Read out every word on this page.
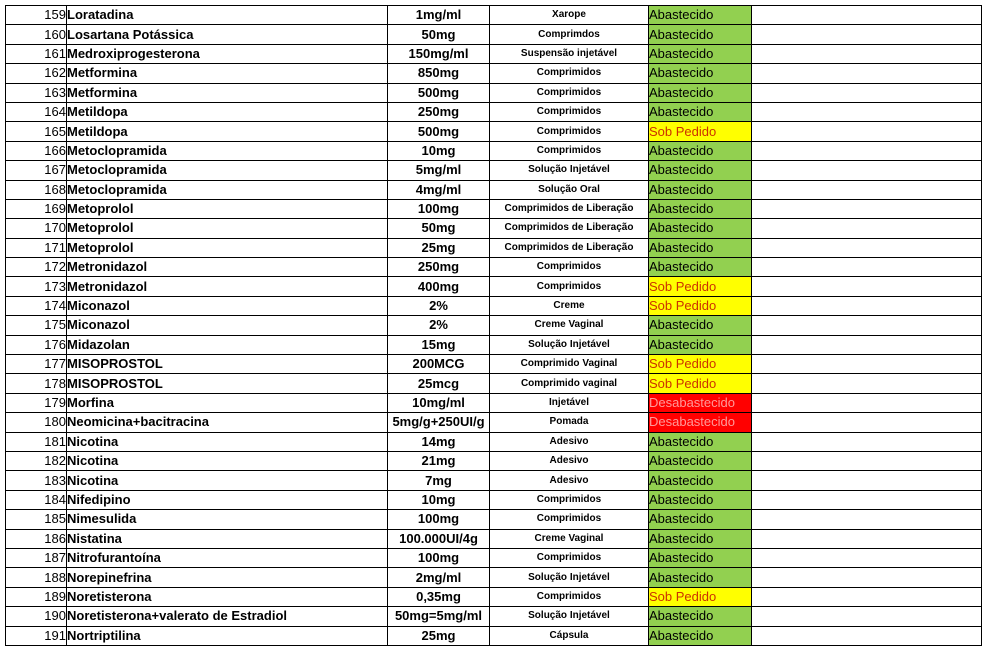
159	Loratadina	1mg/ml	Xarope	Abastecido	
160	Losartana Potássica	50mg	Comprimdos	Abastecido	
161	Medroxiprogesterona	150mg/ml	Suspensão injetável	Abastecido	
162	Metformina	850mg	Comprimidos	Abastecido	
163	Metformina	500mg	Comprimidos	Abastecido	
164	Metildopa	250mg	Comprimidos	Abastecido	
165	Metildopa	500mg	Comprimidos	Sob Pedido	
166	Metoclopramida	10mg	Comprimidos	Abastecido	
167	Metoclopramida	5mg/ml	Solução Injetável	Abastecido	
168	Metoclopramida	4mg/ml	Solução Oral	Abastecido	
169	Metoprolol	100mg	Comprimidos de Liberação	Abastecido	
170	Metoprolol	50mg	Comprimidos de Liberação	Abastecido	
171	Metoprolol	25mg	Comprimidos de Liberação	Abastecido	
172	Metronidazol	250mg	Comprimidos	Abastecido	
173	Metronidazol	400mg	Comprimidos	Sob Pedido	
174	Miconazol	2%	Creme	Sob Pedido	
175	Miconazol	2%	Creme Vaginal	Abastecido	
176	Midazolan	15mg	Solução Injetável	Abastecido	
177	MISOPROSTOL	200MCG	Comprimido Vaginal	Sob Pedido	
178	MISOPROSTOL	25mcg	Comprimido vaginal	Sob Pedido	
179	Morfina	10mg/ml	Injetável	Desabastecido	
180	Neomicina+bacitracina	5mg/g+250UI/g	Pomada	Desabastecido	
181	Nicotina	14mg	Adesivo	Abastecido	
182	Nicotina	21mg	Adesivo	Abastecido	
183	Nicotina	7mg	Adesivo	Abastecido	
184	Nifedipino	10mg	Comprimidos	Abastecido	
185	Nimesulida	100mg	Comprimidos	Abastecido	
186	Nistatina	100.000UI/4g	Creme Vaginal	Abastecido	
187	Nitrofurantoína	100mg	Comprimidos	Abastecido	
188	Norepinefrina	2mg/ml	Solução Injetável	Abastecido	
189	Noretisterona	0,35mg	Comprimidos	Sob Pedido	
190	Noretisterona+valerato de Estradiol	50mg=5mg/ml	Solução Injetável	Abastecido	
191	Nortriptilina	25mg	Cápsula	Abastecido	
